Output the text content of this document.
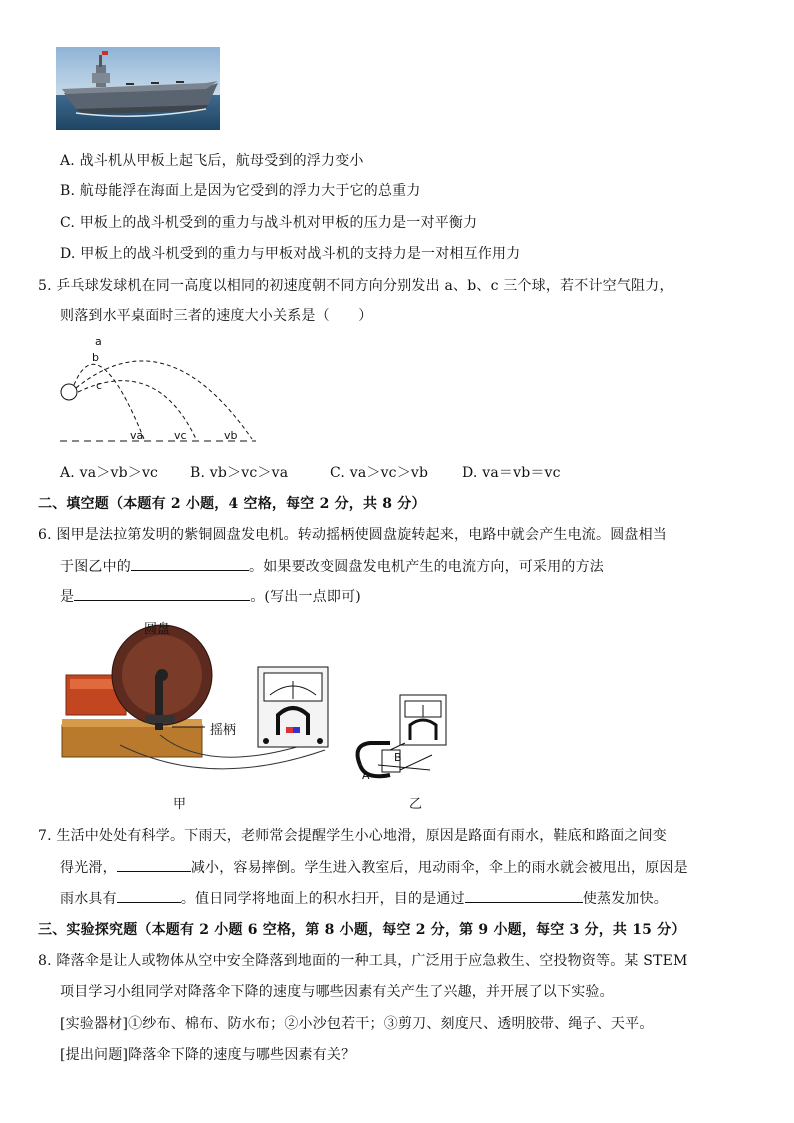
A. 战斗机从甲板上起飞后，航母受到的浮力变小
B. 航母能浮在海面上是因为它受到的浮力大于它的总重力
C. 甲板上的战斗机受到的重力与战斗机对甲板的压力是一对平衡力
D. 甲板上的战斗机受到的重力与甲板对战斗机的支持力是一对相互作用力
5. 乒乓球发球机在同一高度以相同的初速度朝不同方向分别发出 a、b、c 三个球，若不计空气阻力，
则落到水平桌面时三者的速度大小关系是（　　）
a
b
c
va	vc	vb
A. va＞vb＞vc B. vb＞vc＞va	C. va＞vc＞vb D. va＝vb＝vc
二、填空题（本题有 2 小题，4 空格，每空 2 分，共 8 分）
6. 图甲是法拉第发明的紫铜圆盘发电机。转动摇柄使圆盘旋转起来，电路中就会产生电流。圆盘相当
于图乙中的	。如果要改变圆盘发电机产生的电流方向，可采用的方法
是	。(写出一点即可)
圆盘
摇柄
A
B
甲	乙
7. 生活中处处有科学。下雨天，老师常会提醒学生小心地滑，原因是路面有雨水，鞋底和路面之间变
得光滑，	减小，容易摔倒。学生进入教室后，甩动雨伞，伞上的雨水就会被甩出，原因是
雨水具有	。值日同学将地面上的积水扫开，目的是通过	使蒸发加快。
三、实验探究题（本题有 2 小题 6 空格，第 8 小题，每空 2 分，第 9 小题，每空 3 分，共 15 分）
8. 降落伞是让人或物体从空中安全降落到地面的一种工具，广泛用于应急救生、空投物资等。某 STEM
项目学习小组同学对降落伞下降的速度与哪些因素有关产生了兴趣，并开展了以下实验。
[实验器材]①纱布、棉布、防水布；②小沙包若干；③剪刀、刻度尺、透明胶带、绳子、天平。
[提出问题]降落伞下降的速度与哪些因素有关？
